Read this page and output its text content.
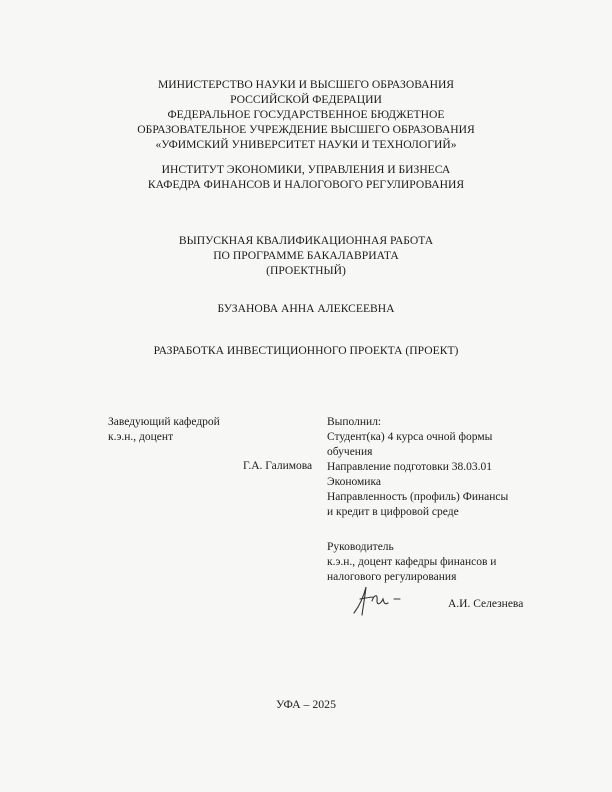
МИНИСТЕРСТВО НАУКИ И ВЫСШЕГО ОБРАЗОВАНИЯ
РОССИЙСКОЙ ФЕДЕРАЦИИ
ФЕДЕРАЛЬНОЕ ГОСУДАРСТВЕННОЕ БЮДЖЕТНОЕ
ОБРАЗОВАТЕЛЬНОЕ УЧРЕЖДЕНИЕ ВЫСШЕГО ОБРАЗОВАНИЯ
«УФИМСКИЙ УНИВЕРСИТЕТ НАУКИ И ТЕХНОЛОГИЙ»
ИНСТИТУТ ЭКОНОМИКИ, УПРАВЛЕНИЯ И БИЗНЕСА
КАФЕДРА ФИНАНСОВ И НАЛОГОВОГО РЕГУЛИРОВАНИЯ
ВЫПУСКНАЯ КВАЛИФИКАЦИОННАЯ РАБОТА
ПО ПРОГРАММЕ БАКАЛАВРИАТА
(ПРОЕКТНЫЙ)
БУЗАНОВА АННА АЛЕКСЕЕВНА
РАЗРАБОТКА ИНВЕСТИЦИОННОГО ПРОЕКТА (ПРОЕКТ)
Заведующий кафедрой
к.э.н., доцент
Г.А. Галимова
Выполнил:
Студент(ка) 4 курса очной формы
обучения
Направление подготовки 38.03.01
Экономика
Направленность (профиль) Финансы
и кредит в цифровой среде
Руководитель
к.э.н., доцент кафедры финансов и
налогового регулирования
А.И. Селезнева
УФА – 2025
